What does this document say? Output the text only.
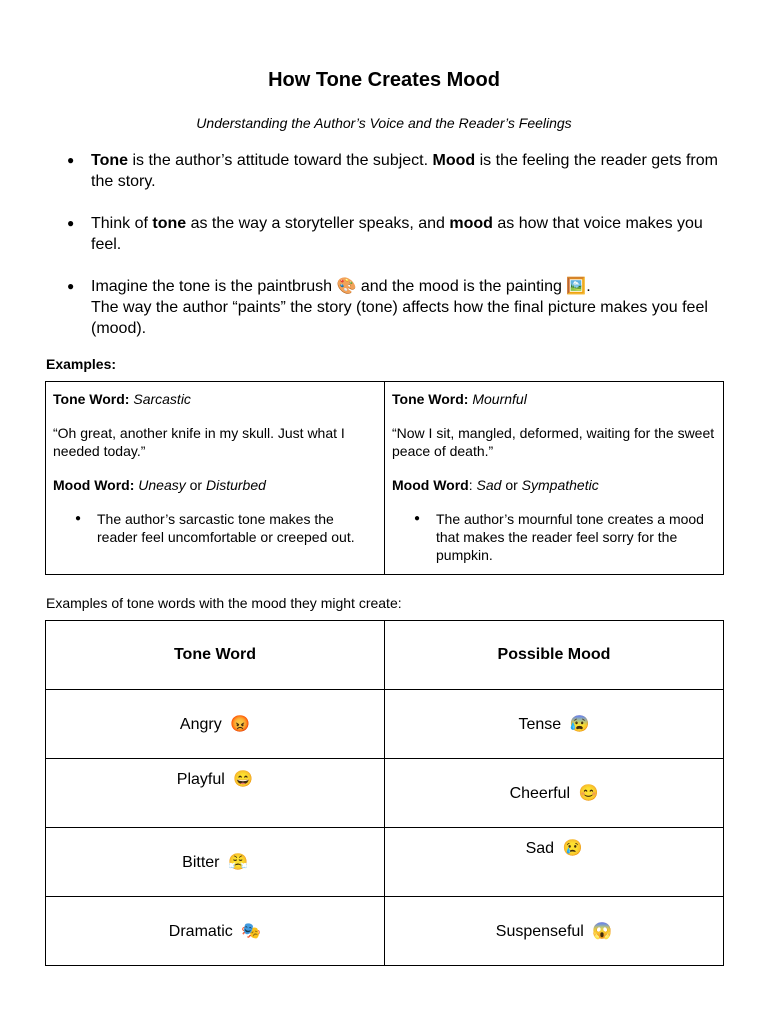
How Tone Creates Mood
Understanding the Author’s Voice and the Reader’s Feelings
● Tone is the author’s attitude toward the subject. Mood is the feeling the reader gets from the story.
● Think of tone as the way a storyteller speaks, and mood as how that voice makes you feel.
● Imagine the tone is the paintbrush 🎨 and the mood is the painting 🖼️.
The way the author “paints” the story (tone) affects how the final picture makes you feel (mood).
Examples:

Tone Word: Sarcastic

“Oh great, another knife in my skull. Just what I needed today.”

Mood Word: Uneasy or Disturbed

● The author’s sarcastic tone makes the reader feel uncomfortable or creeped out.

Tone Word: Mournful

“Now I sit, mangled, deformed, waiting for the sweet peace of death.”

Mood Word: Sad or Sympathetic

● The author’s mournful tone creates a mood that makes the reader feel sorry for the pumpkin.
Examples of tone words with the mood they might create:
Tone Word	Possible Mood
Angry 😡	Tense 😰
Playful 😄	Cheerful 😊
Bitter 😤	Sad 😢
Dramatic 🎭	Suspenseful 😱
